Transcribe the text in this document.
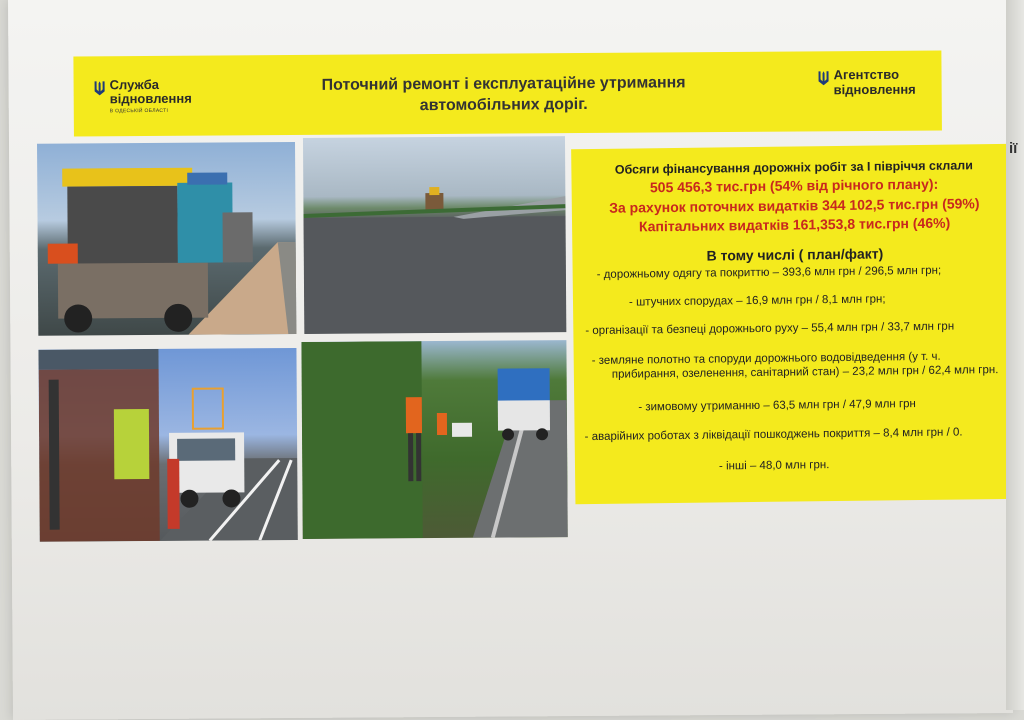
Служба
відновлення
В ОДЕСЬКІЙ ОБЛАСТІ
Поточний ремонт і експлуатаційне утримання
автомобільних доріг.
Агентство
відновлення
Обсяги фінансування дорожніх робіт за І півріччя склали
505 456,3 тис.грн (54% від річного плану):
За рахунок поточних видатків 344 102,5 тис.грн (59%)
Капітальних видатків 161,353,8 тис.грн (46%)
В тому числі ( план/факт)
- дорожньому одягу та покриттю – 393,6 млн грн / 296,5 млн грн;
- штучних спорудах – 16,9 млн грн / 8,1 млн грн;
- організації та безпеці дорожнього руху – 55,4 млн грн / 33,7 млн грн
- земляне полотно та споруди дорожнього водовідведення (у т. ч.
прибирання, озеленення, санітарний стан) – 23,2 млн грн / 62,4 млн грн.
- зимовому утриманню – 63,5 млн грн / 47,9 млн грн
- аварійних роботах з ліквідації пошкоджень покриття – 8,4 млн грн / 0.
- інші – 48,0 млн грн.
ії
